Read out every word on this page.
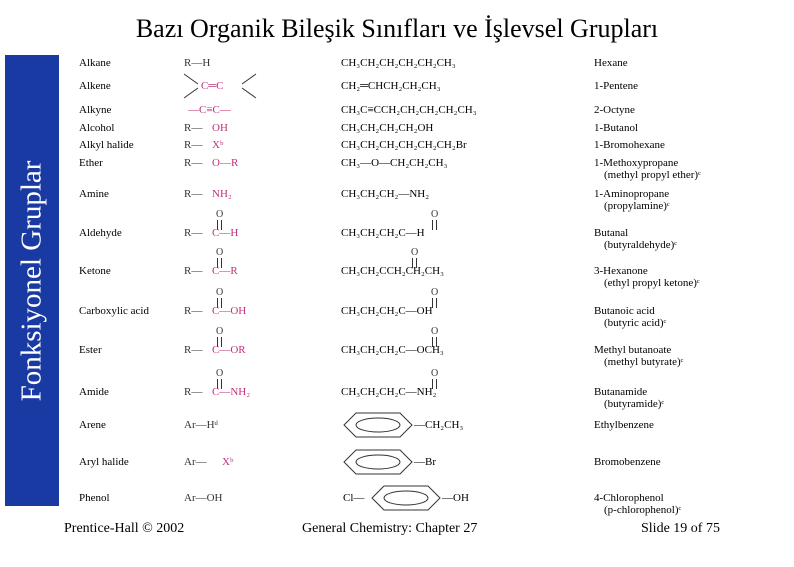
Bazı Organik Bileşik Sınıfları ve İşlevsel Grupları
Fonksiyonel Gruplar
Alkane	R—H	CH₃CH₂CH₂CH₂CH₂CH₃	Hexane
Alkene	C═C	CH₂═CHCH₂CH₂CH₃	1-Pentene
Alkyne	—C≡C—	CH₃C≡CCH₂CH₂CH₂CH₂CH₃	2-Octyne
Alcohol	R— OH	CH₃CH₂CH₂CH₂OH	1-Butanol
Alkyl halide	R— Xᵇ	CH₃CH₂CH₂CH₂CH₂CH₂Br	1-Bromohexane
Ether	R— O—R	CH₃—O—CH₂CH₂CH₃	1-Methoxypropane
(methyl propyl ether)ᶜ
Amine	R— NH₂	CH₃CH₂CH₂—NH₂	1-Aminopropane
(propylamine)ᶜ
O	O
Aldehyde	R— C—H	CH₃CH₂CH₂C—H	Butanal
(butyraldehyde)ᶜ
O	O
Ketone	R— C—R	CH₃CH₂CCH₂CH₂CH₃	3-Hexanone
(ethyl propyl ketone)ᶜ
O	O
Carboxylic acid	R— C—OH	CH₃CH₂CH₂C—OH	Butanoic acid
(butyric acid)ᶜ
O	O
Ester	R— C—OR	CH₃CH₂CH₂C—OCH₃	Methyl butanoate
(methyl butyrate)ᶜ
O	O
Amide	R— C—NH₂	CH₃CH₂CH₂C—NH₂	Butanamide
(butyramide)ᶜ
Arene	Ar—Hᵈ	—CH₂CH₃	Ethylbenzene
Aryl halide	Ar— Xᵇ	—Br	Bromobenzene
Phenol	Ar—OH	Cl—	—OH	4-Chlorophenol
(p-chlorophenol)ᶜ
Prentice-Hall © 2002	General Chemistry: Chapter 27	Slide 19 of 75
